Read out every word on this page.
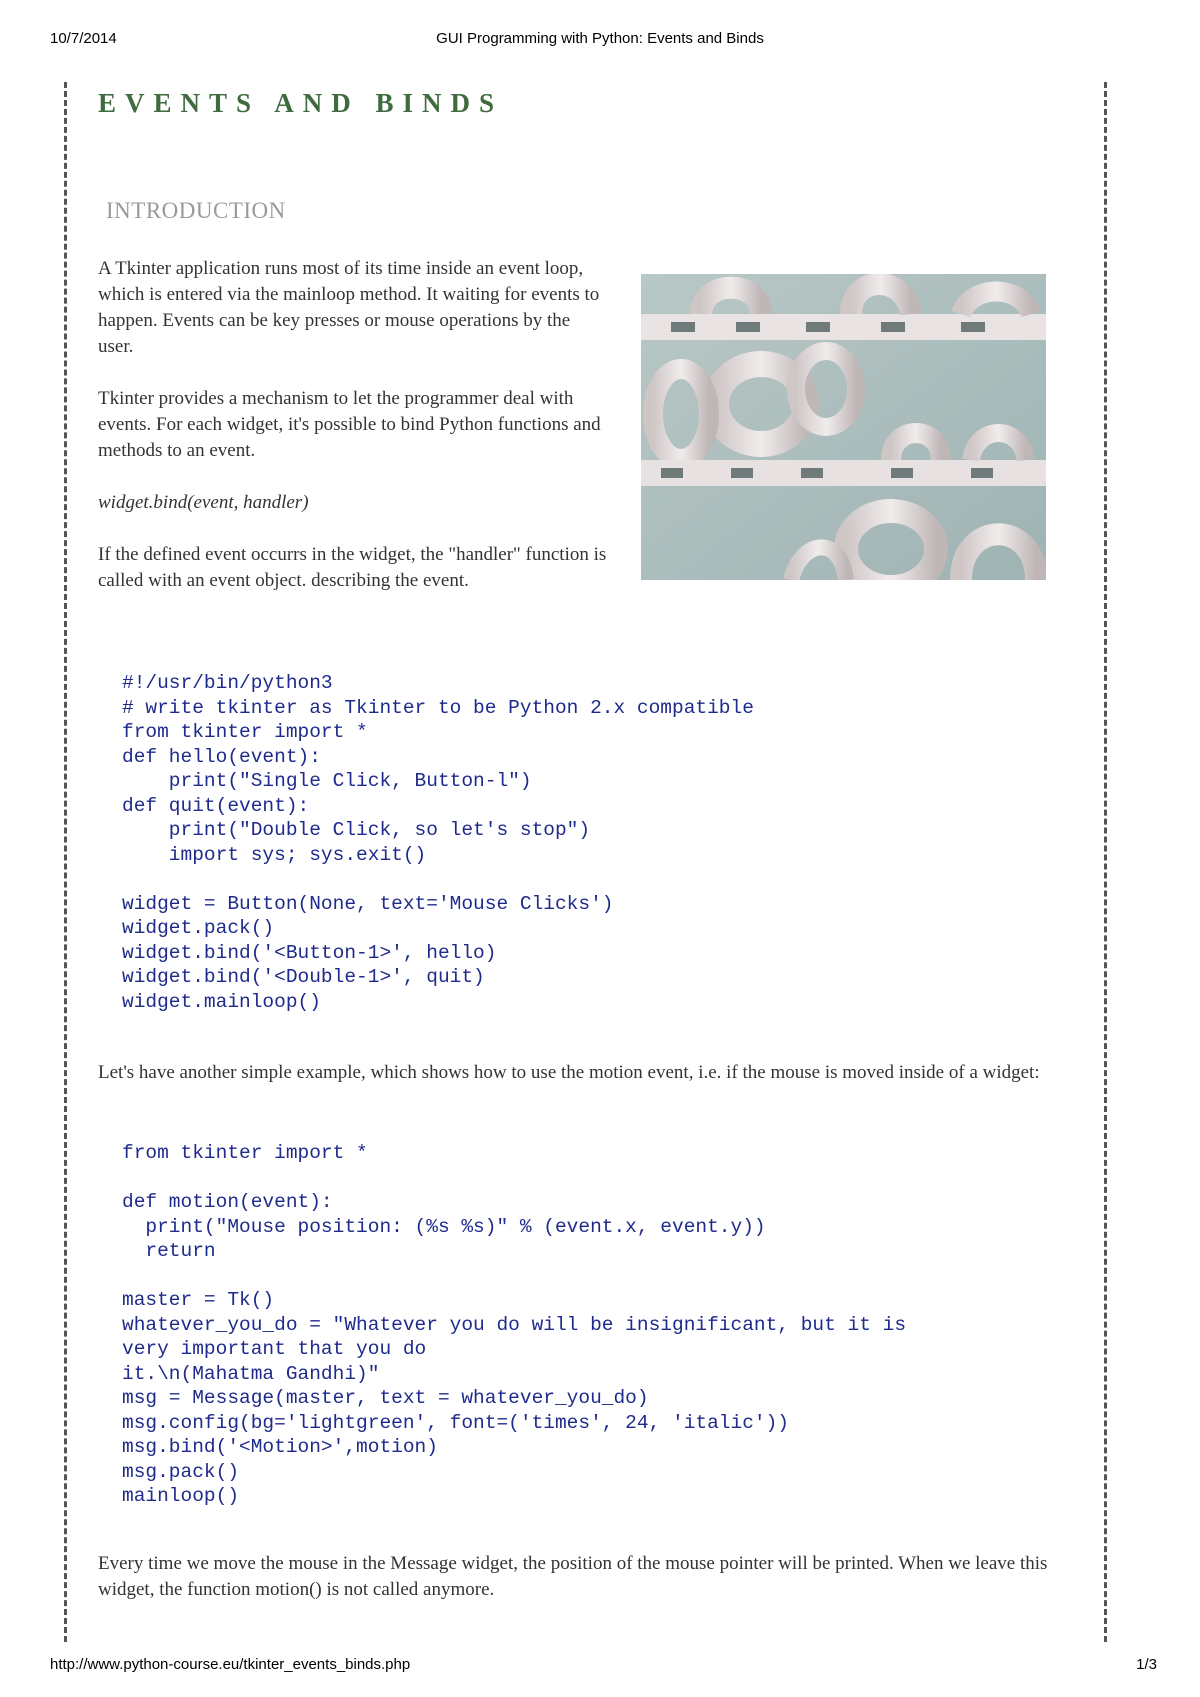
10/7/2014	GUI Programming with Python: Events and Binds
EVENTS AND BINDS
INTRODUCTION

A Tkinter application runs most of its time inside an event loop, which is entered via the mainloop method. It waiting for events to happen. Events can be key presses or mouse operations by the user.

Tkinter provides a mechanism to let the programmer deal with events. For each widget, it's possible to bind Python functions and methods to an event.

widget.bind(event, handler)

If the defined event occurrs in the widget, the "handler" function is called with an event object. describing the event.

#!/usr/bin/python3
# write tkinter as Tkinter to be Python 2.x compatible
from tkinter import *
def hello(event):
print("Single Click, Button-l")
def quit(event):
print("Double Click, so let's stop")
import sys; sys.exit()

widget = Button(None, text='Mouse Clicks')
widget.pack()
widget.bind('<Button-1>', hello)
widget.bind('<Double-1>', quit)
widget.mainloop()

Let's have another simple example, which shows how to use the motion event, i.e. if the mouse is moved inside of a widget:

from tkinter import *

def motion(event):
print("Mouse position: (%s %s)" % (event.x, event.y))
return

master = Tk()
whatever_you_do = "Whatever you do will be insignificant, but it is
very important that you do
it.\n(Mahatma Gandhi)"
msg = Message(master, text = whatever_you_do)
msg.config(bg='lightgreen', font=('times', 24, 'italic'))
msg.bind('<Motion>',motion)
msg.pack()
mainloop()

Every time we move the mouse in the Message widget, the position of the mouse pointer will be printed. When we leave this widget, the function motion() is not called anymore.

http://www.python-course.eu/tkinter_events_binds.php	1/3
